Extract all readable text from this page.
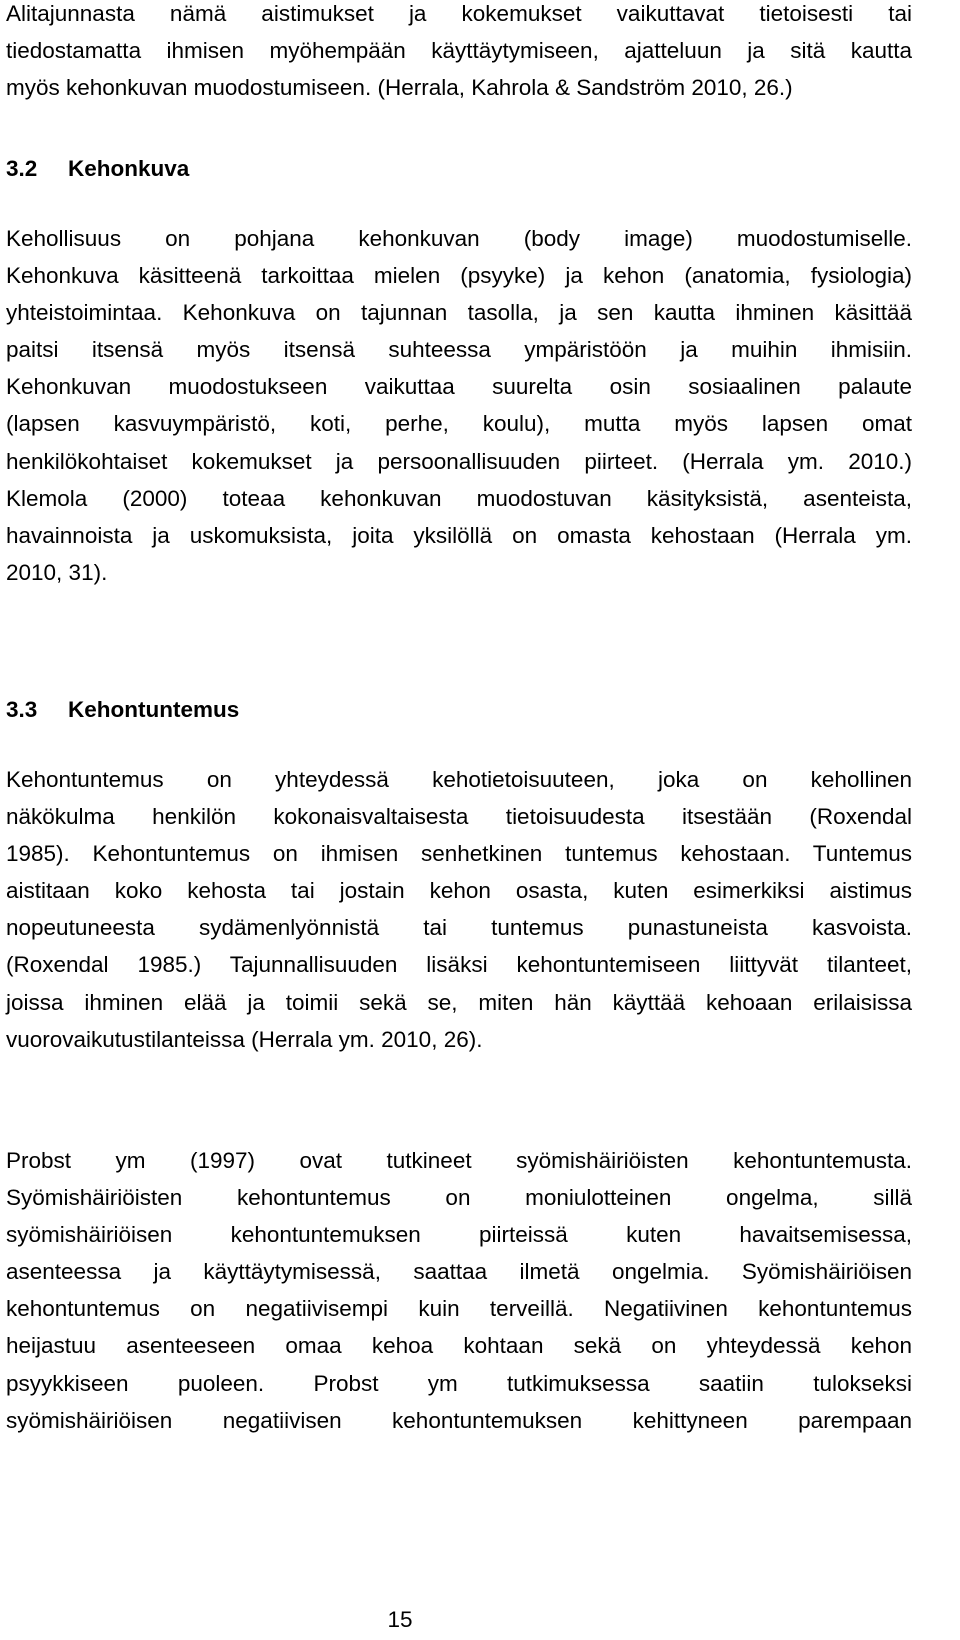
Alitajunnasta nämä aistimukset ja kokemukset vaikuttavat tietoisesti tai
tiedostamatta ihmisen myöhempään käyttäytymiseen, ajatteluun ja sitä kautta
myös kehonkuvan muodostumiseen. (Herrala, Kahrola & Sandström 2010, 26.)
3.2 Kehonkuva
Kehollisuus on pohjana kehonkuvan (body image) muodostumiselle.
Kehonkuva käsitteenä tarkoittaa mielen (psyyke) ja kehon (anatomia, fysiologia)
yhteistoimintaa. Kehonkuva on tajunnan tasolla, ja sen kautta ihminen käsittää
paitsi itsensä myös itsensä suhteessa ympäristöön ja muihin ihmisiin.
Kehonkuvan muodostukseen vaikuttaa suurelta osin sosiaalinen palaute
(lapsen kasvuympäristö, koti, perhe, koulu), mutta myös lapsen omat
henkilökohtaiset kokemukset ja persoonallisuuden piirteet. (Herrala ym. 2010.)
Klemola (2000) toteaa kehonkuvan muodostuvan käsityksistä, asenteista,
havainnoista ja uskomuksista, joita yksilöllä on omasta kehostaan (Herrala ym.
2010, 31).
3.3 Kehontuntemus
Kehontuntemus on yhteydessä kehotietoisuuteen, joka on kehollinen
näkökulma henkilön kokonaisvaltaisesta tietoisuudesta itsestään (Roxendal
1985). Kehontuntemus on ihmisen senhetkinen tuntemus kehostaan. Tuntemus
aistitaan koko kehosta tai jostain kehon osasta, kuten esimerkiksi aistimus
nopeutuneesta sydämenlyönnistä tai tuntemus punastuneista kasvoista.
(Roxendal 1985.) Tajunnallisuuden lisäksi kehontuntemiseen liittyvät tilanteet,
joissa ihminen elää ja toimii sekä se, miten hän käyttää kehoaan erilaisissa
vuorovaikutustilanteissa (Herrala ym. 2010, 26).
Probst ym (1997) ovat tutkineet syömishäiriöisten kehontuntemusta.
Syömishäiriöisten kehontuntemus on moniulotteinen ongelma, sillä
syömishäiriöisen kehontuntemuksen piirteissä kuten havaitsemisessa,
asenteessa ja käyttäytymisessä, saattaa ilmetä ongelmia. Syömishäiriöisen
kehontuntemus on negatiivisempi kuin terveillä. Negatiivinen kehontuntemus
heijastuu asenteeseen omaa kehoa kohtaan sekä on yhteydessä kehon
psyykkiseen puoleen. Probst ym tutkimuksessa saatiin tulokseksi
syömishäiriöisen negatiivisen kehontuntemuksen kehittyneen parempaan
15
